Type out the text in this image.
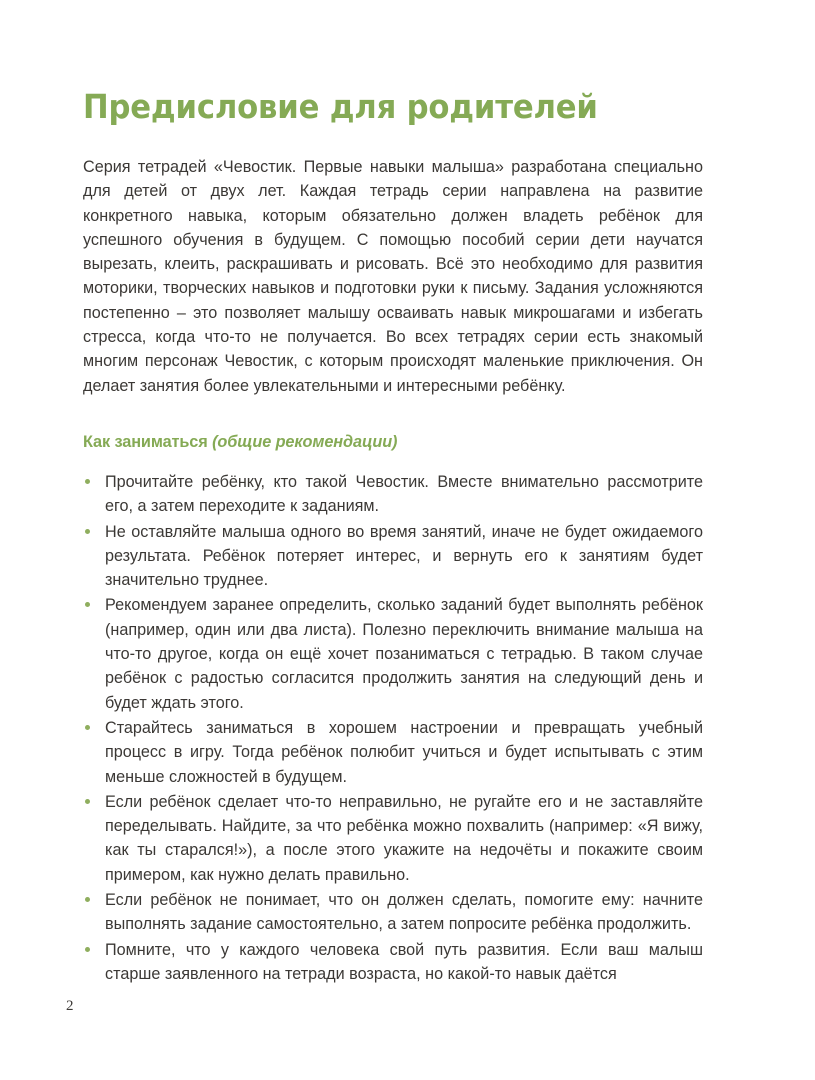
Предисловие для родителей

Серия тетрадей «Чевостик. Первые навыки малыша» разработана специально для детей от двух лет. Каждая тетрадь серии направлена на развитие конкретного навыка, которым обязательно должен владеть ребёнок для успешного обучения в будущем. С помощью пособий серии дети научатся вырезать, клеить, раскрашивать и рисовать. Всё это необходимо для развития моторики, творческих навыков и подготовки руки к письму. Задания усложняются постепенно – это позволяет малышу осваивать навык микрошагами и избегать стресса, когда что-то не получается. Во всех тетрадях серии есть знакомый многим персонаж Чевостик, с которым происходят маленькие приключения. Он делает занятия более увлекательными и интересными ребёнку.

Как заниматься (общие рекомендации)
Прочитайте ребёнку, кто такой Чевостик. Вместе внимательно рассмотрите его, а затем переходите к заданиям.
Не оставляйте малыша одного во время занятий, иначе не будет ожидаемого результата. Ребёнок потеряет интерес, и вернуть его к занятиям будет значительно труднее.
Рекомендуем заранее определить, сколько заданий будет выполнять ребёнок (например, один или два листа). Полезно переключить внимание малыша на что-то другое, когда он ещё хочет позаниматься с тетрадью. В таком случае ребёнок с радостью согласится продолжить занятия на следующий день и будет ждать этого.
Старайтесь заниматься в хорошем настроении и превращать учебный процесс в игру. Тогда ребёнок полюбит учиться и будет испытывать с этим меньше сложностей в будущем.
Если ребёнок сделает что-то неправильно, не ругайте его и не заставляйте переделывать. Найдите, за что ребёнка можно похвалить (например: «Я вижу, как ты старался!»), а после этого укажите на недочёты и покажите своим примером, как нужно делать правильно.
Если ребёнок не понимает, что он должен сделать, помогите ему: начните выполнять задание самостоятельно, а затем попросите ребёнка продолжить.
Помните, что у каждого человека свой путь развития. Если ваш малыш старше заявленного на тетради возраста, но какой-то навык даётся
2
